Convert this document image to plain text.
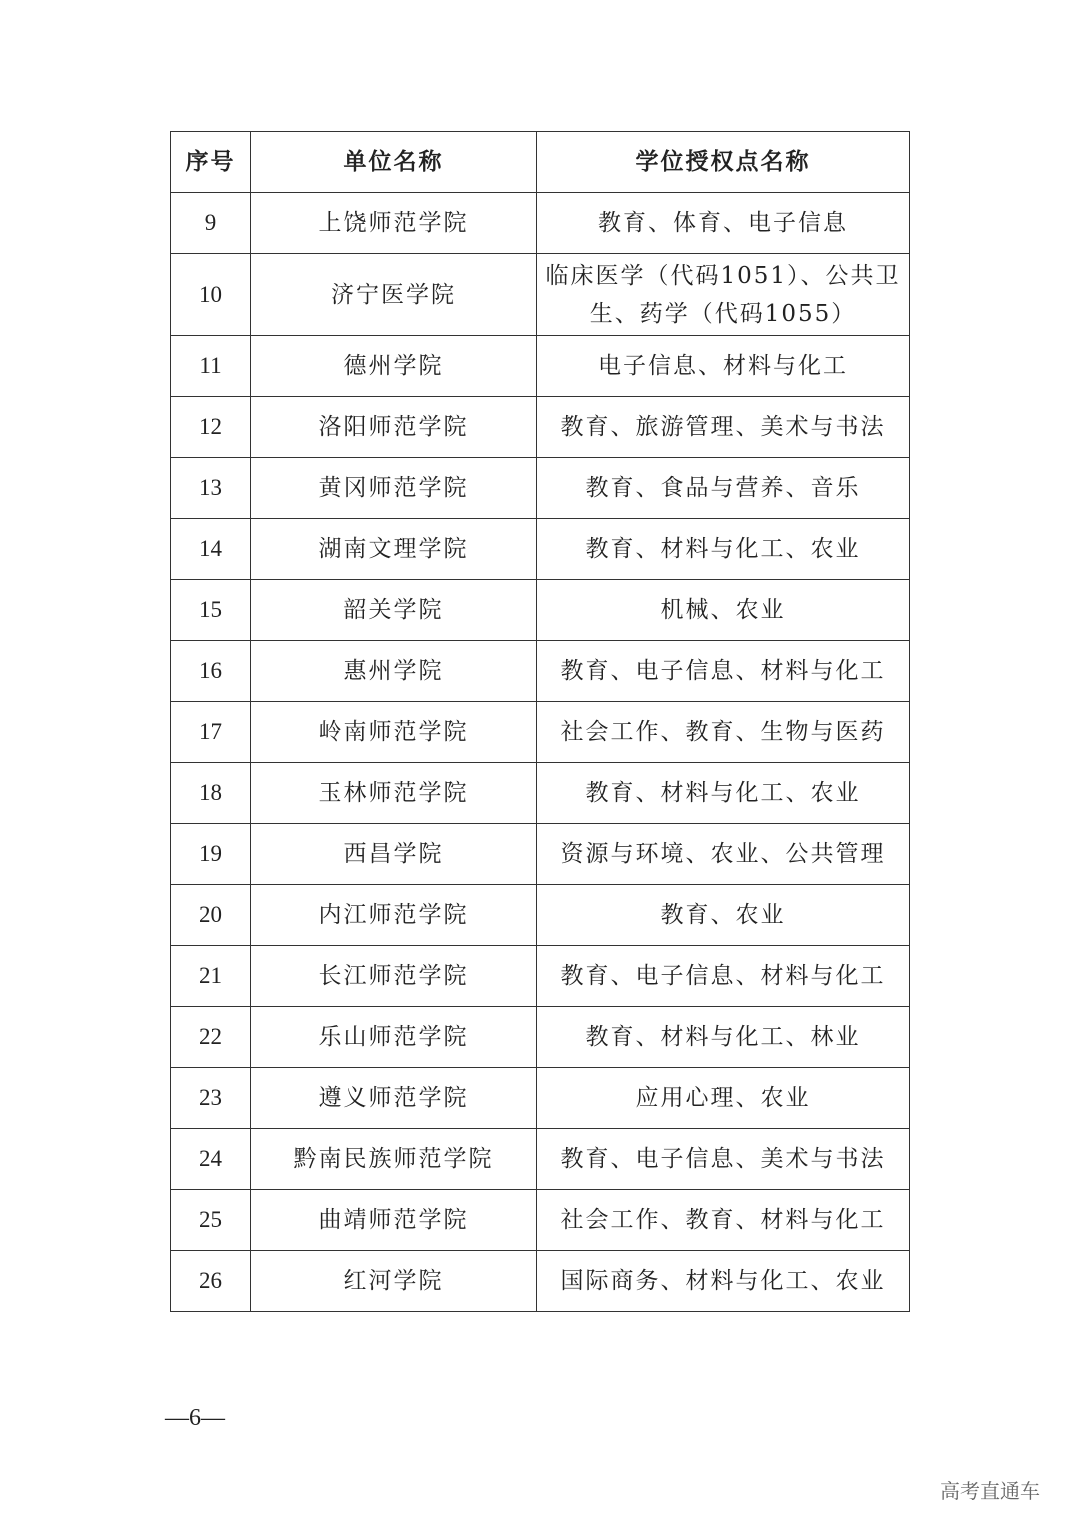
序号	单位名称	学位授权点名称
9	上饶师范学院	教育、体育、电子信息
10	济宁医学院	临床医学（代码1051）、公共卫生、药学（代码1055）
11	德州学院	电子信息、材料与化工
12	洛阳师范学院	教育、旅游管理、美术与书法
13	黄冈师范学院	教育、食品与营养、音乐
14	湖南文理学院	教育、材料与化工、农业
15	韶关学院	机械、农业
16	惠州学院	教育、电子信息、材料与化工
17	岭南师范学院	社会工作、教育、生物与医药
18	玉林师范学院	教育、材料与化工、农业
19	西昌学院	资源与环境、农业、公共管理
20	内江师范学院	教育、农业
21	长江师范学院	教育、电子信息、材料与化工
22	乐山师范学院	教育、材料与化工、林业
23	遵义师范学院	应用心理、农业
24	黔南民族师范学院	教育、电子信息、美术与书法
25	曲靖师范学院	社会工作、教育、材料与化工
26	红河学院	国际商务、材料与化工、农业
—6—
高考直通车
